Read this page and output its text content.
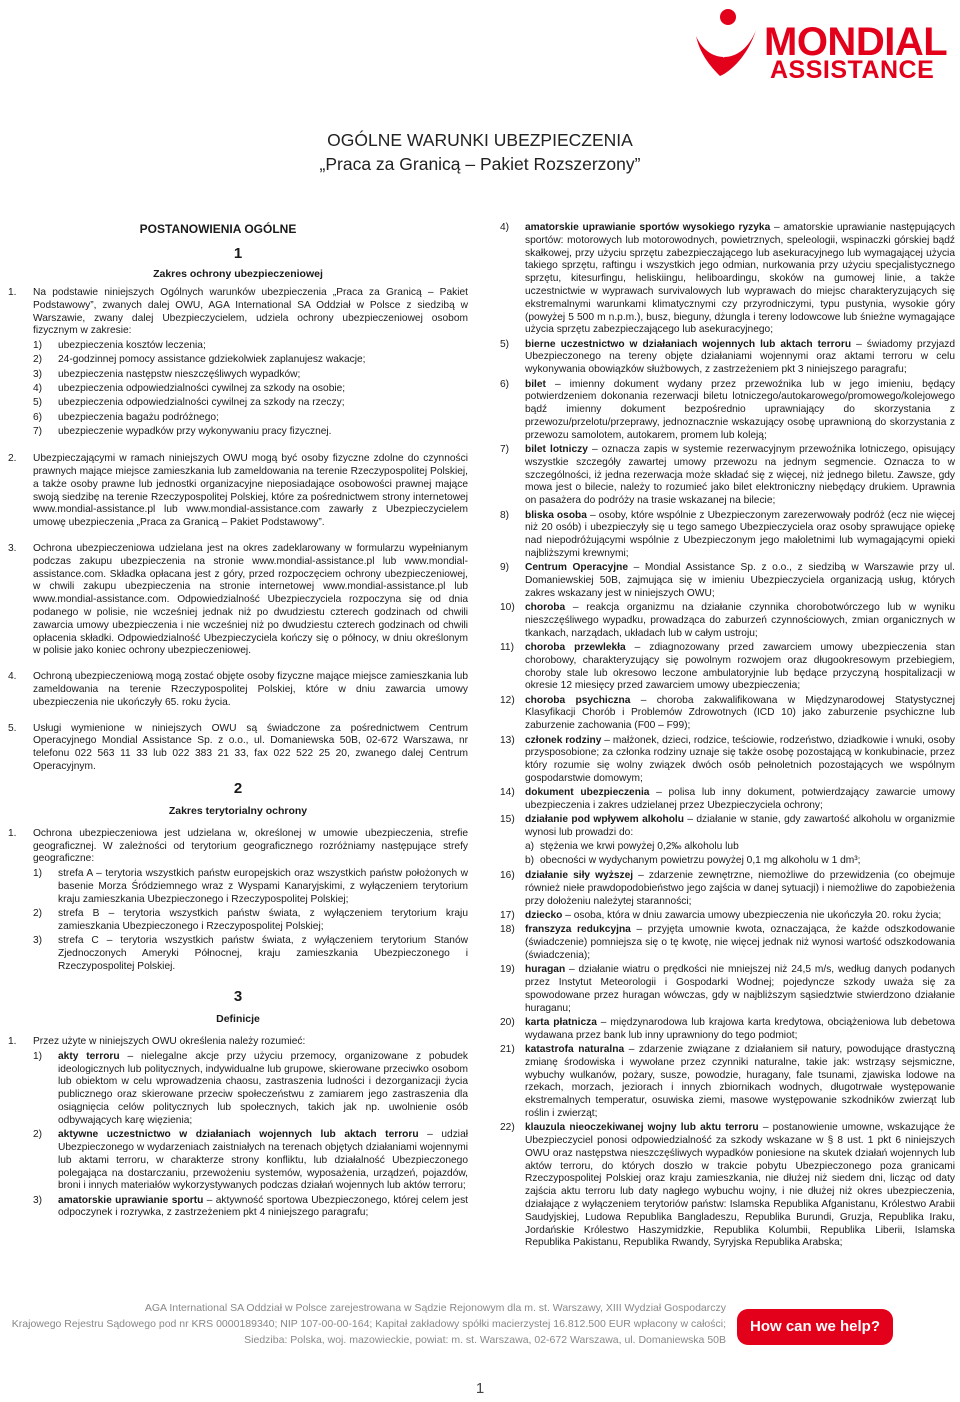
MONDIAL
ASSISTANCE
OGÓLNE WARUNKI UBEZPIECZENIA
„Praca za Granicą – Pakiet Rozszerzony”
POSTANOWIENIA OGÓLNE
1
Zakres ochrony ubezpieczeniowej
1.	Na podstawie niniejszych Ogólnych warunków ubezpieczenia „Praca za Granicą – Pakiet Podstawowy”, zwanych dalej OWU, AGA International SA Oddział w Polsce z siedzibą w Warszawie, zwany dalej Ubezpieczycielem, udziela ochrony ubezpieczeniowej osobom fizycznym w zakresie:
1)	ubezpieczenia kosztów leczenia;
2)	24-godzinnej pomocy assistance gdziekolwiek zaplanujesz wakacje;
3)	ubezpieczenia następstw nieszczęśliwych wypadków;
4)	ubezpieczenia odpowiedzialności cywilnej za szkody na osobie;
5)	ubezpieczenia odpowiedzialności cywilnej za szkody na rzeczy;
6)	ubezpieczenia bagażu podróżnego;
7)	ubezpieczenie wypadków przy wykonywaniu pracy fizycznej.
2.	Ubezpieczającymi w ramach niniejszych OWU mogą być osoby fizyczne zdolne do czynności prawnych mające miejsce zamieszkania lub zameldowania na terenie Rzeczypospolitej Polskiej, a także osoby prawne lub jednostki organizacyjne nieposiadające osobowości prawnej mające swoją siedzibę na terenie Rzeczypospolitej Polskiej, które za pośrednictwem strony internetowej www.mondial-assistance.pl lub www.mondial-assistance.com zawarły z Ubezpieczycielem umowę ubezpieczenia „Praca za Granicą – Pakiet Podstawowy”.
3.	Ochrona ubezpieczeniowa udzielana jest na okres zadeklarowany w formularzu wypełnianym podczas zakupu ubezpieczenia na stronie www.mondial-assistance.pl lub www.mondial-assistance.com. Składka opłacana jest z góry, przed rozpoczęciem ochrony ubezpieczeniowej, w chwili zakupu ubezpieczenia na stronie internetowej www.mondial-assistance.pl lub www.mondial-assistance.com. Odpowiedzialność Ubezpieczyciela rozpoczyna się od dnia podanego w polisie, nie wcześniej jednak niż po dwudziestu czterech godzinach od chwili zawarcia umowy ubezpieczenia i nie wcześniej niż po dwudziestu czterech godzinach od chwili opłacenia składki. Odpowiedzialność Ubezpieczyciela kończy się o północy, w dniu określonym w polisie jako koniec ochrony ubezpieczeniowej.
4.	Ochroną ubezpieczeniową mogą zostać objęte osoby fizyczne mające miejsce zamieszkania lub zameldowania na terenie Rzeczypospolitej Polskiej, które w dniu zawarcia umowy ubezpieczenia nie ukończyły 65. roku życia.
5.	Usługi wymienione w niniejszych OWU są świadczone za pośrednictwem Centrum Operacyjnego Mondial Assistance Sp. z o.o., ul. Domaniewska 50B, 02-672 Warszawa, nr telefonu 022 563 11 33 lub 022 383 21 33, fax 022 522 25 20, zwanego dalej Centrum Operacyjnym.
2
Zakres terytorialny ochrony
1.	Ochrona ubezpieczeniowa jest udzielana w, określonej w umowie ubezpieczenia, strefie geograficznej. W zależności od terytorium geograficznego rozróżniamy następujące strefy geograficzne:
1)	strefa A – terytoria wszystkich państw europejskich oraz wszystkich państw położonych w basenie Morza Śródziemnego wraz z Wyspami Kanaryjskimi, z wyłączeniem terytorium kraju zamieszkania Ubezpieczonego i Rzeczypospolitej Polskiej;
2)	strefa B – terytoria wszystkich państw świata, z wyłączeniem terytorium kraju zamieszkania Ubezpieczonego i Rzeczypospolitej Polskiej;
3)	strefa C – terytoria wszystkich państw świata, z wyłączeniem terytorium Stanów Zjednoczonych Ameryki Północnej, kraju zamieszkania Ubezpieczonego i Rzeczypospolitej Polskiej.
3
Definicje
1.	Przez użyte w niniejszych OWU określenia należy rozumieć:
1)	akty terroru – nielegalne akcje przy użyciu przemocy, organizowane z pobudek ideologicznych lub politycznych, indywidualne lub grupowe, skierowane przeciwko osobom lub obiektom w celu wprowadzenia chaosu, zastraszenia ludności i dezorganizacji życia publicznego oraz skierowane przeciw społeczeństwu z zamiarem jego zastraszenia dla osiągnięcia celów politycznych lub społecznych, takich jak np. uwolnienie osób odbywających karę więzienia;
2)	aktywne uczestnictwo w działaniach wojennych lub aktach terroru – udział Ubezpieczonego w wydarzeniach zaistniałych na terenach objętych działaniami wojennymi lub aktami terroru, w charakterze strony konfliktu, lub działalność Ubezpieczonego polegająca na dostarczaniu, przewożeniu systemów, wyposażenia, urządzeń, pojazdów, broni i innych materiałów wykorzystywanych podczas działań wojennych lub aktów terroru;
3)	amatorskie uprawianie sportu – aktywność sportowa Ubezpieczonego, której celem jest odpoczynek i rozrywka, z zastrzeżeniem pkt 4 niniejszego paragrafu;
4)	amatorskie uprawianie sportów wysokiego ryzyka – amatorskie uprawianie następujących sportów: motorowych lub motorowodnych, powietrznych, speleologii, wspinaczki górskiej bądź skałkowej, przy użyciu sprzętu zabezpieczającego lub asekuracyjnego lub wymagającej użycia takiego sprzętu, raftingu i wszystkich jego odmian, nurkowania przy użyciu specjalistycznego sprzętu, kitesurfingu, heliskiingu, heliboardingu, skoków na gumowej linie, a także uczestnictwie w wyprawach survivalowych lub wyprawach do miejsc charakteryzujących się ekstremalnymi warunkami klimatycznymi czy przyrodniczymi, typu pustynia, wysokie góry (powyżej 5 500 m n.p.m.), busz, bieguny, dżungla i tereny lodowcowe lub śnieżne wymagające użycia sprzętu zabezpieczającego lub asekuracyjnego;
5)	bierne uczestnictwo w działaniach wojennych lub aktach terroru – świadomy przyjazd Ubezpieczonego na tereny objęte działaniami wojennymi oraz aktami terroru w celu wykonywania obowiązków służbowych, z zastrzeżeniem pkt 3 niniejszego paragrafu;
6)	bilet – imienny dokument wydany przez przewoźnika lub w jego imieniu, będący potwierdzeniem dokonania rezerwacji biletu lotniczego/autokarowego/promowego/kolejowego bądź imienny dokument bezpośrednio uprawniający do skorzystania z przewozu/przelotu/przeprawy, jednoznacznie wskazujący osobę uprawnioną do skorzystania z przewozu samolotem, autokarem, promem lub koleją;
7)	bilet lotniczy – oznacza zapis w systemie rezerwacyjnym przewoźnika lotniczego, opisujący wszystkie szczegóły zawartej umowy przewozu na jednym segmencie. Oznacza to w szczególności, iż jedna rezerwacja może składać się z więcej, niż jednego biletu. Zawsze, gdy mowa jest o bilecie, należy to rozumieć jako bilet elektroniczny niebędący drukiem. Uprawnia on pasażera do podróży na trasie wskazanej na bilecie;
8)	bliska osoba – osoby, które wspólnie z Ubezpieczonym zarezerwowały podróż (ecz nie więcej niż 20 osób) i ubezpieczyły się u tego samego Ubezpieczyciela oraz osoby sprawujące opiekę nad niepodróżującymi wspólnie z Ubezpieczonym jego małoletnimi lub wymagającymi opieki najbliższymi krewnymi;
9)	Centrum Operacyjne – Mondial Assistance Sp. z o.o., z siedzibą w Warszawie przy ul. Domaniewskiej 50B, zajmująca się w imieniu Ubezpieczyciela organizacją usług, których zakres wskazany jest w niniejszych OWU;
10)	choroba – reakcja organizmu na działanie czynnika chorobotwórczego lub w wyniku nieszczęśliwego wypadku, prowadząca do zaburzeń czynnościowych, zmian organicznych w tkankach, narządach, układach lub w całym ustroju;
11)	choroba przewlekła – zdiagnozowany przed zawarciem umowy ubezpieczenia stan chorobowy, charakteryzujący się powolnym rozwojem oraz długookresowym przebiegiem, choroby stale lub okresowo leczone ambulatoryjnie lub będące przyczyną hospitalizacji w okresie 12 miesięcy przed zawarciem umowy ubezpieczenia;
12)	choroba psychiczna – choroba zakwalifikowana w Międzynarodowej Statystycznej Klasyfikacji Chorób i Problemów Zdrowotnych (ICD 10) jako zaburzenie psychiczne lub zaburzenie zachowania (F00 – F99);
13)	członek rodziny – małżonek, dzieci, rodzice, teściowie, rodzeństwo, dziadkowie i wnuki, osoby przysposobione; za członka rodziny uznaje się także osobę pozostającą w konkubinacie, przez który rozumie się wolny związek dwóch osób pełnoletnich pozostających we wspólnym gospodarstwie domowym;
14)	dokument ubezpieczenia – polisa lub inny dokument, potwierdzający zawarcie umowy ubezpieczenia i zakres udzielanej przez Ubezpieczyciela ochrony;
15)	działanie pod wpływem alkoholu – działanie w stanie, gdy zawartość alkoholu w organizmie wynosi lub prowadzi do:
a) stężenia we krwi powyżej 0,2‰ alkoholu lub
b) obecności w wydychanym powietrzu powyżej 0,1 mg alkoholu w 1 dm³;
16)	działanie siły wyższej – zdarzenie zewnętrzne, niemożliwe do przewidzenia (co obejmuje również niełe prawdopodobieństwo jego zajścia w danej sytuacji) i niemożliwe do zapobieżenia przy dołożeniu należytej staranności;
17)	dziecko – osoba, która w dniu zawarcia umowy ubezpieczenia nie ukończyła 20. roku życia;
18)	franszyza redukcyjna – przyjęta umownie kwota, oznaczająca, że każde odszkodowanie (świadczenie) pomniejsza się o tę kwotę, nie więcej jednak niż wynosi wartość odszkodowania (świadczenia);
19)	huragan – działanie wiatru o prędkości nie mniejszej niż 24,5 m/s, według danych podanych przez Instytut Meteorologii i Gospodarki Wodnej; pojedyncze szkody uważa się za spowodowane przez huragan wówczas, gdy w najbliższym sąsiedztwie stwierdzono działanie huraganu;
20)	karta płatnicza – międzynarodowa lub krajowa karta kredytowa, obciążeniowa lub debetowa wydawana przez bank lub inny uprawniony do tego podmiot;
21)	katastrofa naturalna – zdarzenie związane z działaniem sił natury, powodujące drastyczną zmianę środowiska i wywołane przez czynniki naturalne, takie jak: wstrząsy sejsmiczne, wybuchy wulkanów, pożary, susze, powodzie, huragany, fale tsunami, zjawiska lodowe na rzekach, morzach, jeziorach i innych zbiornikach wodnych, długotrwałe występowanie ekstremalnych temperatur, osuwiska ziemi, masowe występowanie szkodników zwierząt lub roślin i zwierząt;
22)	klauzula nieoczekiwanej wojny lub aktu terroru – postanowienie umowne, wskazujące że Ubezpieczyciel ponosi odpowiedzialność za szkody wskazane w § 8 ust. 1 pkt 6 niniejszych OWU oraz następstwa nieszczęśliwych wypadków poniesione na skutek działań wojennych lub aktów terroru, do których doszło w trakcie pobytu Ubezpieczonego poza granicami Rzeczypospolitej Polskiej oraz kraju zamieszkania, nie dłużej niż siedem dni, licząc od daty zajścia aktu terroru lub daty nagłego wybuchu wojny, i nie dłużej niż okres ubezpieczenia, działające z wyłączeniem terytoriów państw: Islamska Republika Afganistanu, Królestwo Arabii Saudyjskiej, Ludowa Republika Bangladeszu, Republika Burundi, Gruzja, Republika Iraku, Jordańskie Królestwo Haszymidzkie, Republika Kolumbii, Republika Liberii, Islamska Republika Pakistanu, Republika Rwandy, Syryjska Republika Arabska;
AGA International SA Oddział w Polsce zarejestrowana w Sądzie Rejonowym dla m. st. Warszawy, XIII Wydział Gospodarczy
Krajowego Rejestru Sądowego pod nr KRS 0000189340; NIP 107-00-00-164; Kapitał zakładowy spółki macierzystej 16.812.500 EUR wpłacony w całości;
Siedziba: Polska, woj. mazowieckie, powiat: m. st. Warszawa, 02-672 Warszawa, ul. Domaniewska 50B
How can we help?
1
